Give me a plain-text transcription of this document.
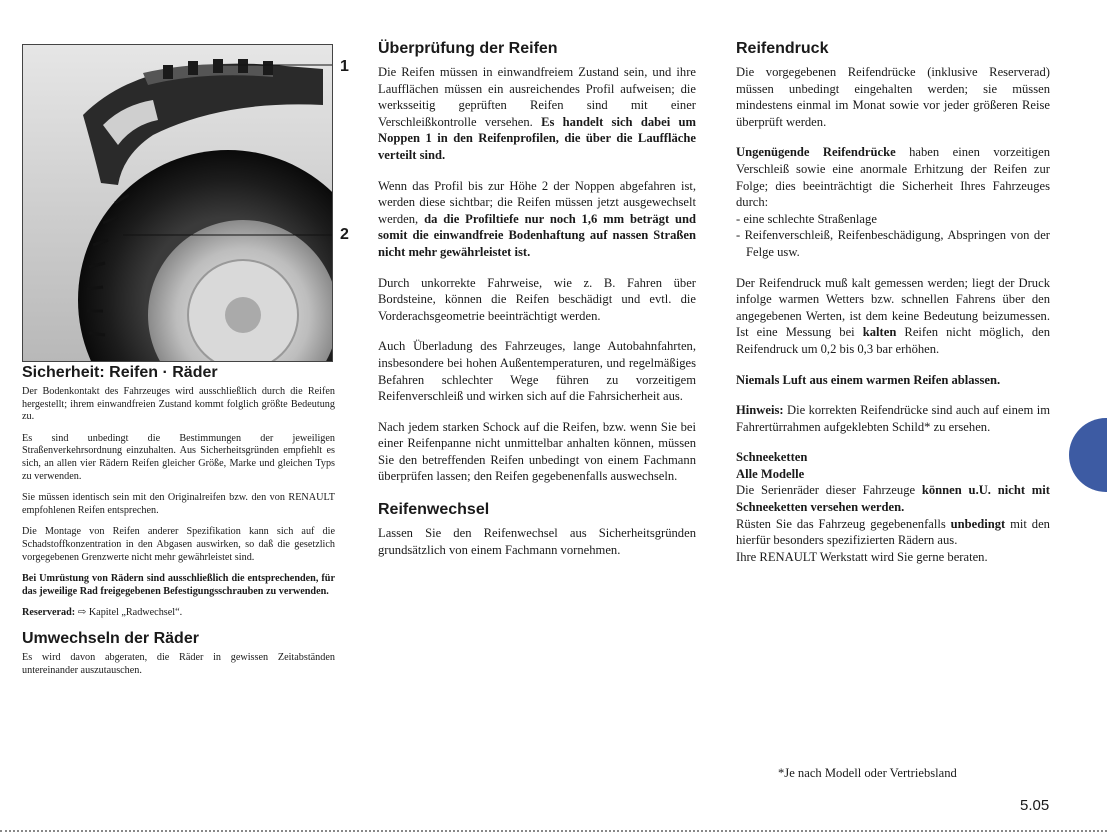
1
2
Sicherheit: Reifen · Räder

Der Bodenkontakt des Fahrzeuges wird ausschließlich durch die Reifen hergestellt; ihrem einwandfreien Zustand kommt folglich größte Bedeutung zu.

Es sind unbedingt die Bestimmungen der jeweiligen Straßenverkehrsordnung einzuhalten. Aus Sicherheitsgründen empfiehlt es sich, an allen vier Rädern Reifen gleicher Größe, Marke und gleichen Typs zu verwenden.

Sie müssen identisch sein mit den Originalreifen bzw. den von RENAULT empfohlenen Reifen entsprechen.

Die Montage von Reifen anderer Spezifikation kann sich auf die Schadstoffkonzentration in den Abgasen auswirken, so daß die gesetzlich vorgegebenen Grenzwerte nicht mehr gewährleistet sind.

Bei Umrüstung von Rädern sind ausschließlich die entsprechenden, für das jeweilige Rad freigegebenen Befestigungsschrauben zu verwenden.

Reserverad: ⇨ Kapitel „Radwechsel“.

Umwechseln der Räder

Es wird davon abgeraten, die Räder in gewissen Zeitabständen untereinander auszutauschen.

Überprüfung der Reifen

Die Reifen müssen in einwandfreiem Zustand sein, und ihre Laufflächen müssen ein ausreichendes Profil aufweisen; die werksseitig geprüften Reifen sind mit einer Verschleißkontrolle versehen. Es handelt sich dabei um Noppen 1 in den Reifenprofilen, die über die Lauffläche verteilt sind.

Wenn das Profil bis zur Höhe 2 der Noppen abgefahren ist, werden diese sichtbar; die Reifen müssen jetzt ausgewechselt werden, da die Profiltiefe nur noch 1,6 mm beträgt und somit die einwandfreie Bodenhaftung auf nassen Straßen nicht mehr gewährleistet ist.

Durch unkorrekte Fahrweise, wie z. B. Fahren über Bordsteine, können die Reifen beschädigt und evtl. die Vorderachsgeometrie beeinträchtigt werden.

Auch Überladung des Fahrzeuges, lange Autobahnfahrten, insbesondere bei hohen Außentemperaturen, und regelmäßiges Befahren schlechter Wege führen zu vorzeitigem Reifenverschleiß und wirken sich auf die Fahrsicherheit aus.

Nach jedem starken Schock auf die Reifen, bzw. wenn Sie bei einer Reifenpanne nicht unmittelbar anhalten können, müssen Sie den betreffenden Reifen unbedingt von einem Fachmann überprüfen lassen; den Reifen gegebenenfalls auswechseln.

Reifenwechsel

Lassen Sie den Reifenwechsel aus Sicherheitsgründen grundsätzlich von einem Fachmann vornehmen.

Reifendruck

Die vorgegebenen Reifendrücke (inklusive Reserverad) müssen unbedingt eingehalten werden; sie müssen mindestens einmal im Monat sowie vor jeder größeren Reise überprüft werden.

Ungenügende Reifendrücke haben einen vorzeitigen Verschleiß sowie eine anormale Erhitzung der Reifen zur Folge; dies beeinträchtigt die Sicherheit Ihres Fahrzeuges durch:

- eine schlechte Straßenlage

- Reifenverschleiß, Reifenbeschädigung, Abspringen von der Felge usw.

Der Reifendruck muß kalt gemessen werden; liegt der Druck infolge warmen Wetters bzw. schnellen Fahrens über den angegebenen Werten, ist dem keine Bedeutung beizumessen. Ist eine Messung bei kalten Reifen nicht möglich, den Reifendruck um 0,2 bis 0,3 bar erhöhen.

Niemals Luft aus einem warmen Reifen ablassen.

Hinweis: Die korrekten Reifendrücke sind auch auf einem im Fahrertürrahmen aufgeklebten Schild* zu ersehen.

Schneeketten

Alle Modelle

Die Serienräder dieser Fahrzeuge können u.U. nicht mit Schneeketten versehen werden.

Rüsten Sie das Fahrzeug gegebenenfalls unbedingt mit den hierfür besonders spezifizierten Rädern aus.

Ihre RENAULT Werkstatt wird Sie gerne beraten.

*Je nach Modell oder Vertriebsland
5.05
